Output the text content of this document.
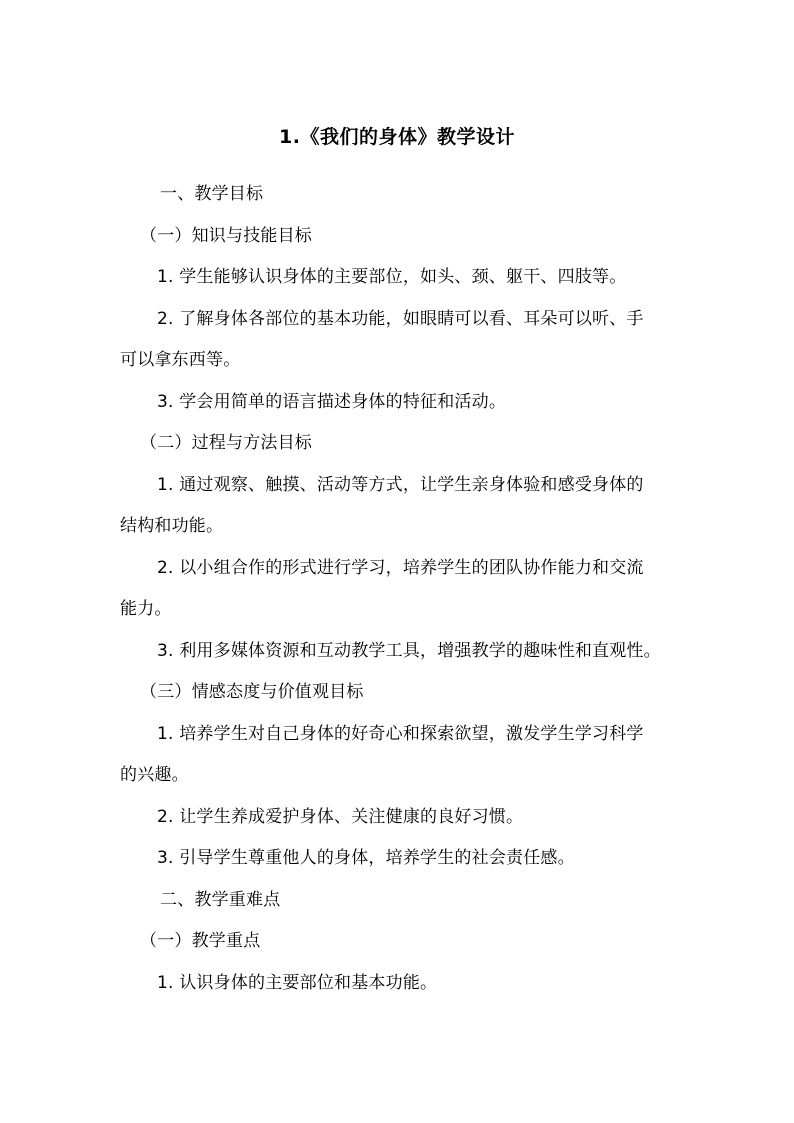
1.《我们的身体》教学设计
一、教学目标
（一）知识与技能目标
1. 学生能够认识身体的主要部位，如头、颈、躯干、四肢等。
2. 了解身体各部位的基本功能，如眼睛可以看、耳朵可以听、手
可以拿东西等。
3. 学会用简单的语言描述身体的特征和活动。
（二）过程与方法目标
1. 通过观察、触摸、活动等方式，让学生亲身体验和感受身体的
结构和功能。
2. 以小组合作的形式进行学习，培养学生的团队协作能力和交流
能力。
3. 利用多媒体资源和互动教学工具，增强教学的趣味性和直观性。
（三）情感态度与价值观目标
1. 培养学生对自己身体的好奇心和探索欲望，激发学生学习科学
的兴趣。
2. 让学生养成爱护身体、关注健康的良好习惯。
3. 引导学生尊重他人的身体，培养学生的社会责任感。
二、教学重难点
（一）教学重点
1. 认识身体的主要部位和基本功能。
